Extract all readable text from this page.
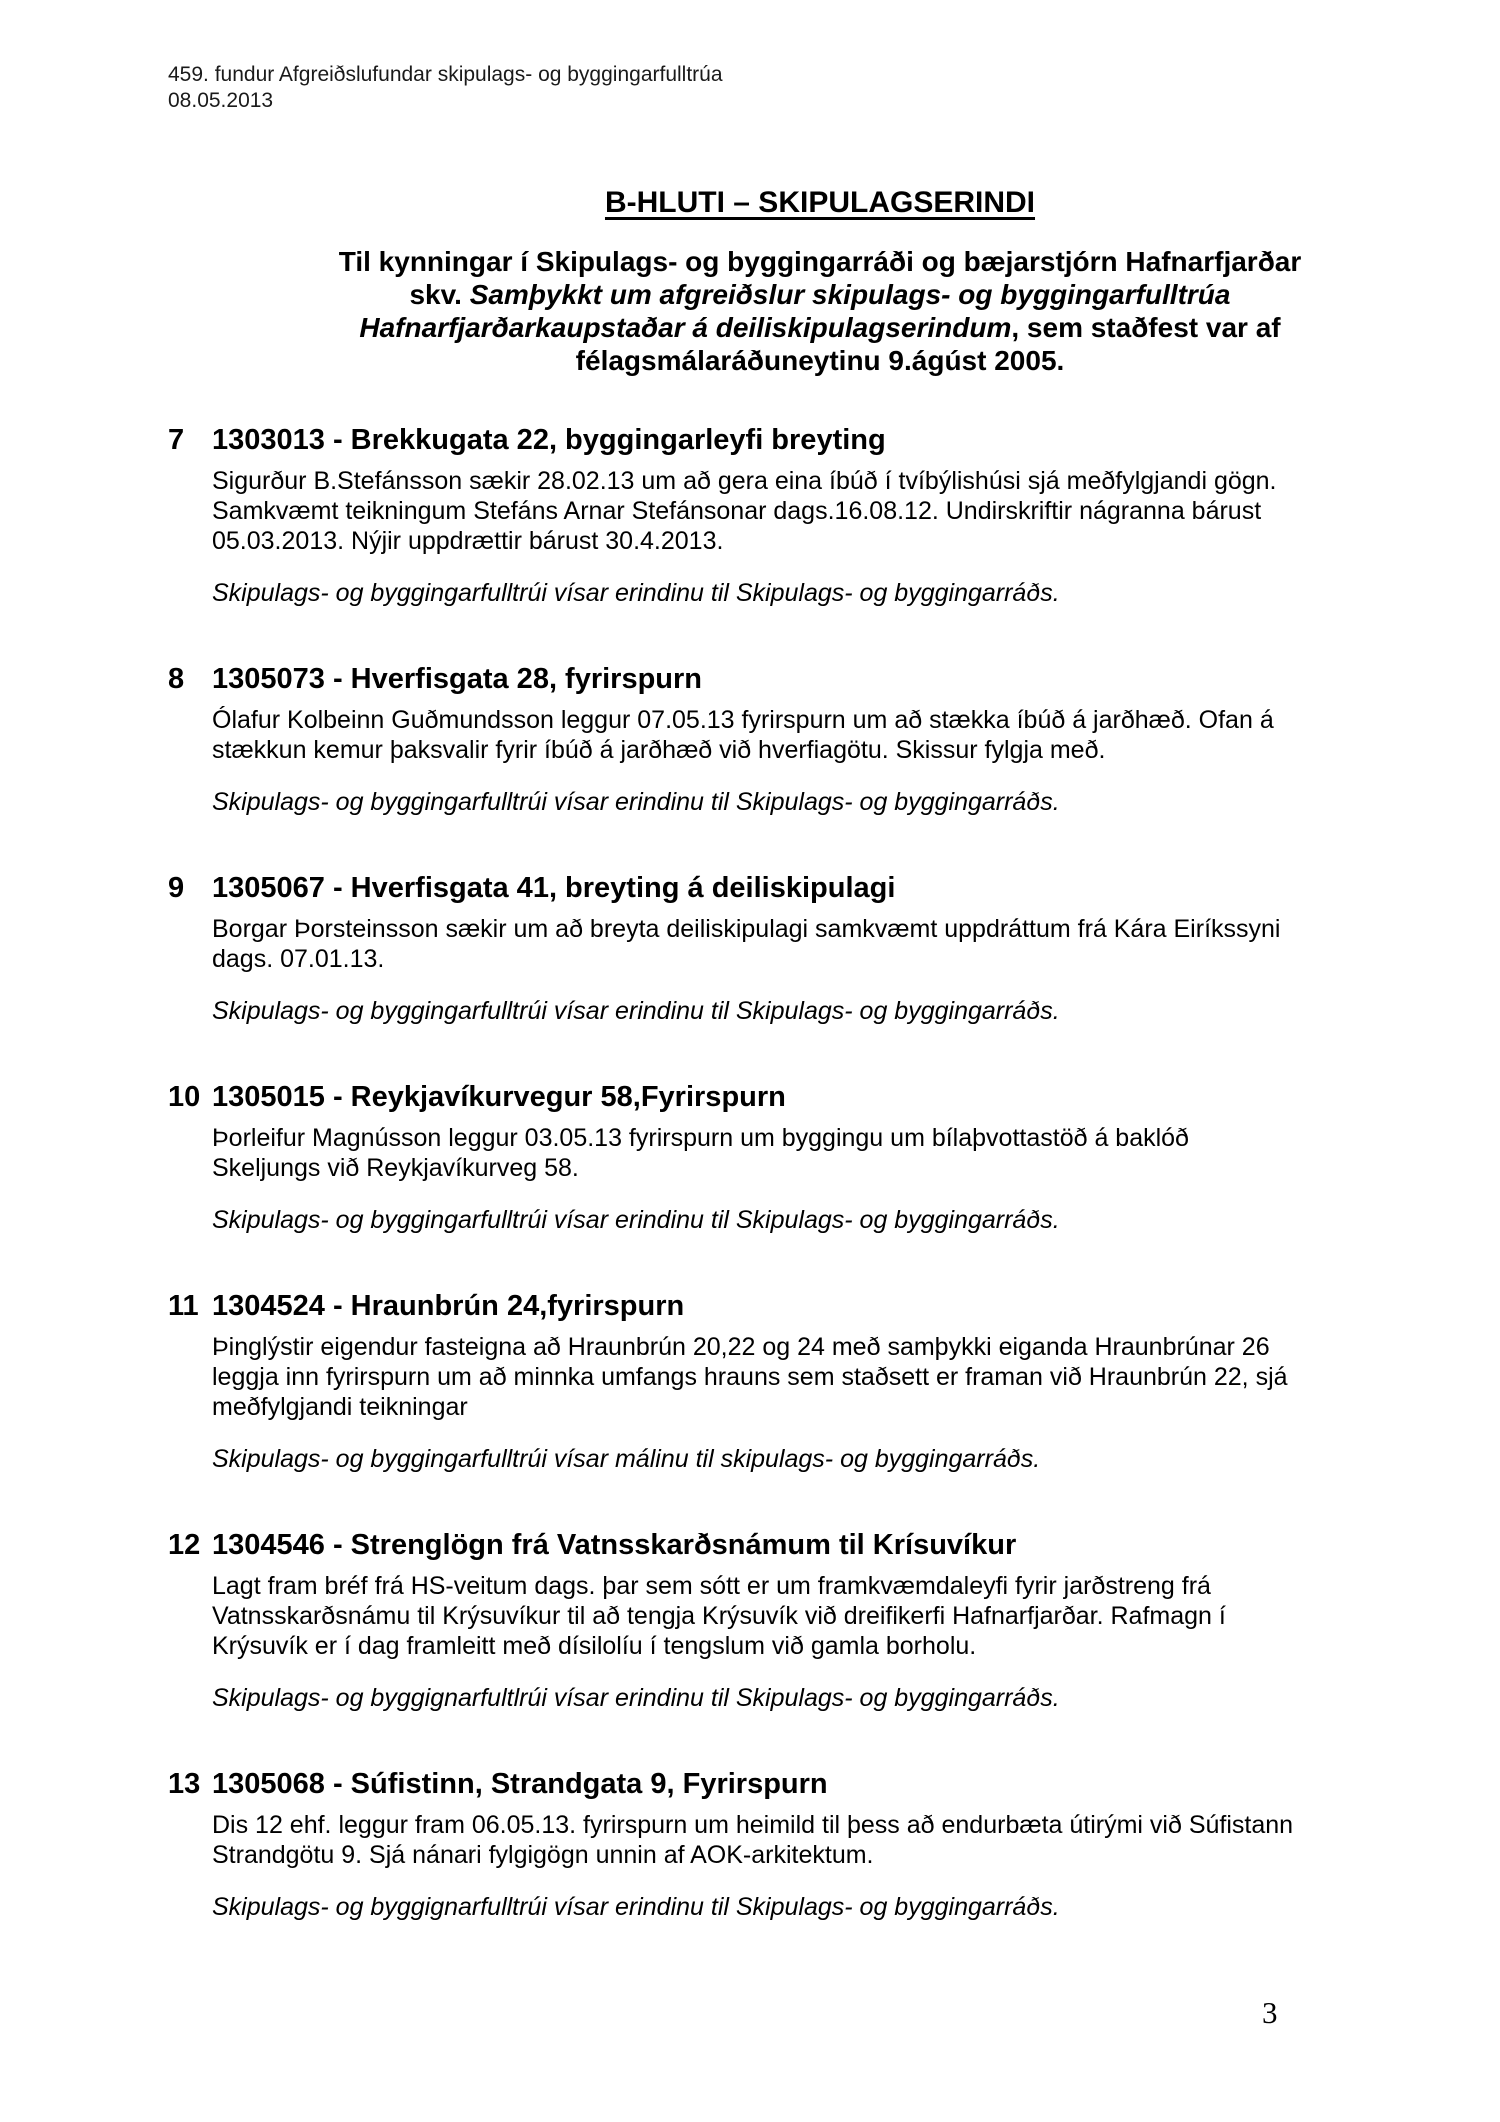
459. fundur Afgreiðslufundar skipulags- og byggingarfulltrúa
08.05.2013
B-HLUTI – SKIPULAGSERINDI
Til kynningar í Skipulags- og byggingarráði og bæjarstjórn Hafnarfjarðar
skv. Samþykkt um afgreiðslur skipulags- og byggingarfulltrúa
Hafnarfjarðarkaupstaðar á deiliskipulagserindum, sem staðfest var af
félagsmálaráðuneytinu 9.ágúst 2005.
7 1303013 - Brekkugata 22, byggingarleyfi breyting

Sigurður B.Stefánsson sækir 28.02.13 um að gera eina íbúð í tvíbýlishúsi sjá meðfylgjandi gögn. Samkvæmt teikningum Stefáns Arnar Stefánsonar dags.16.08.12. Undirskriftir nágranna bárust 05.03.2013. Nýjir uppdrættir bárust 30.4.2013.

Skipulags- og byggingarfulltrúi vísar erindinu til Skipulags- og byggingarráðs.

8 1305073 - Hverfisgata 28, fyrirspurn

Ólafur Kolbeinn Guðmundsson leggur 07.05.13 fyrirspurn um að stækka íbúð á jarðhæð. Ofan á stækkun kemur þaksvalir fyrir íbúð á jarðhæð við hverfiagötu. Skissur fylgja með.

Skipulags- og byggingarfulltrúi vísar erindinu til Skipulags- og byggingarráðs.

9 1305067 - Hverfisgata 41, breyting á deiliskipulagi

Borgar Þorsteinsson sækir um að breyta deiliskipulagi samkvæmt uppdráttum frá Kára Eiríkssyni dags. 07.01.13.

Skipulags- og byggingarfulltrúi vísar erindinu til Skipulags- og byggingarráðs.

10 1305015 - Reykjavíkurvegur 58,Fyrirspurn

Þorleifur Magnússon leggur 03.05.13 fyrirspurn um byggingu um bílaþvottastöð á baklóð Skeljungs við Reykjavíkurveg 58.

Skipulags- og byggingarfulltrúi vísar erindinu til Skipulags- og byggingarráðs.

11 1304524 - Hraunbrún 24,fyrirspurn

Þinglýstir eigendur fasteigna að Hraunbrún 20,22 og 24 með samþykki eiganda Hraunbrúnar 26 leggja inn fyrirspurn um að minnka umfangs hrauns sem staðsett er framan við Hraunbrún 22, sjá meðfylgjandi teikningar

Skipulags- og byggingarfulltrúi vísar málinu til skipulags- og byggingarráðs.

12 1304546 - Strenglögn frá Vatnsskarðsnámum til Krísuvíkur

Lagt fram bréf frá HS-veitum dags. þar sem sótt er um framkvæmdaleyfi fyrir jarðstreng frá Vatnsskarðsnámu til Krýsuvíkur til að tengja Krýsuvík við dreifikerfi Hafnarfjarðar. Rafmagn í Krýsuvík er í dag framleitt með dísilolíu í tengslum við gamla borholu.

Skipulags- og byggignarfultlrúi vísar erindinu til Skipulags- og byggingarráðs.

13 1305068 - Súfistinn, Strandgata 9, Fyrirspurn

Dis 12 ehf. leggur fram 06.05.13. fyrirspurn um heimild til þess að endurbæta útirými við Súfistann Strandgötu 9. Sjá nánari fylgigögn unnin af AOK-arkitektum.

Skipulags- og byggignarfulltrúi vísar erindinu til Skipulags- og byggingarráðs.

3
